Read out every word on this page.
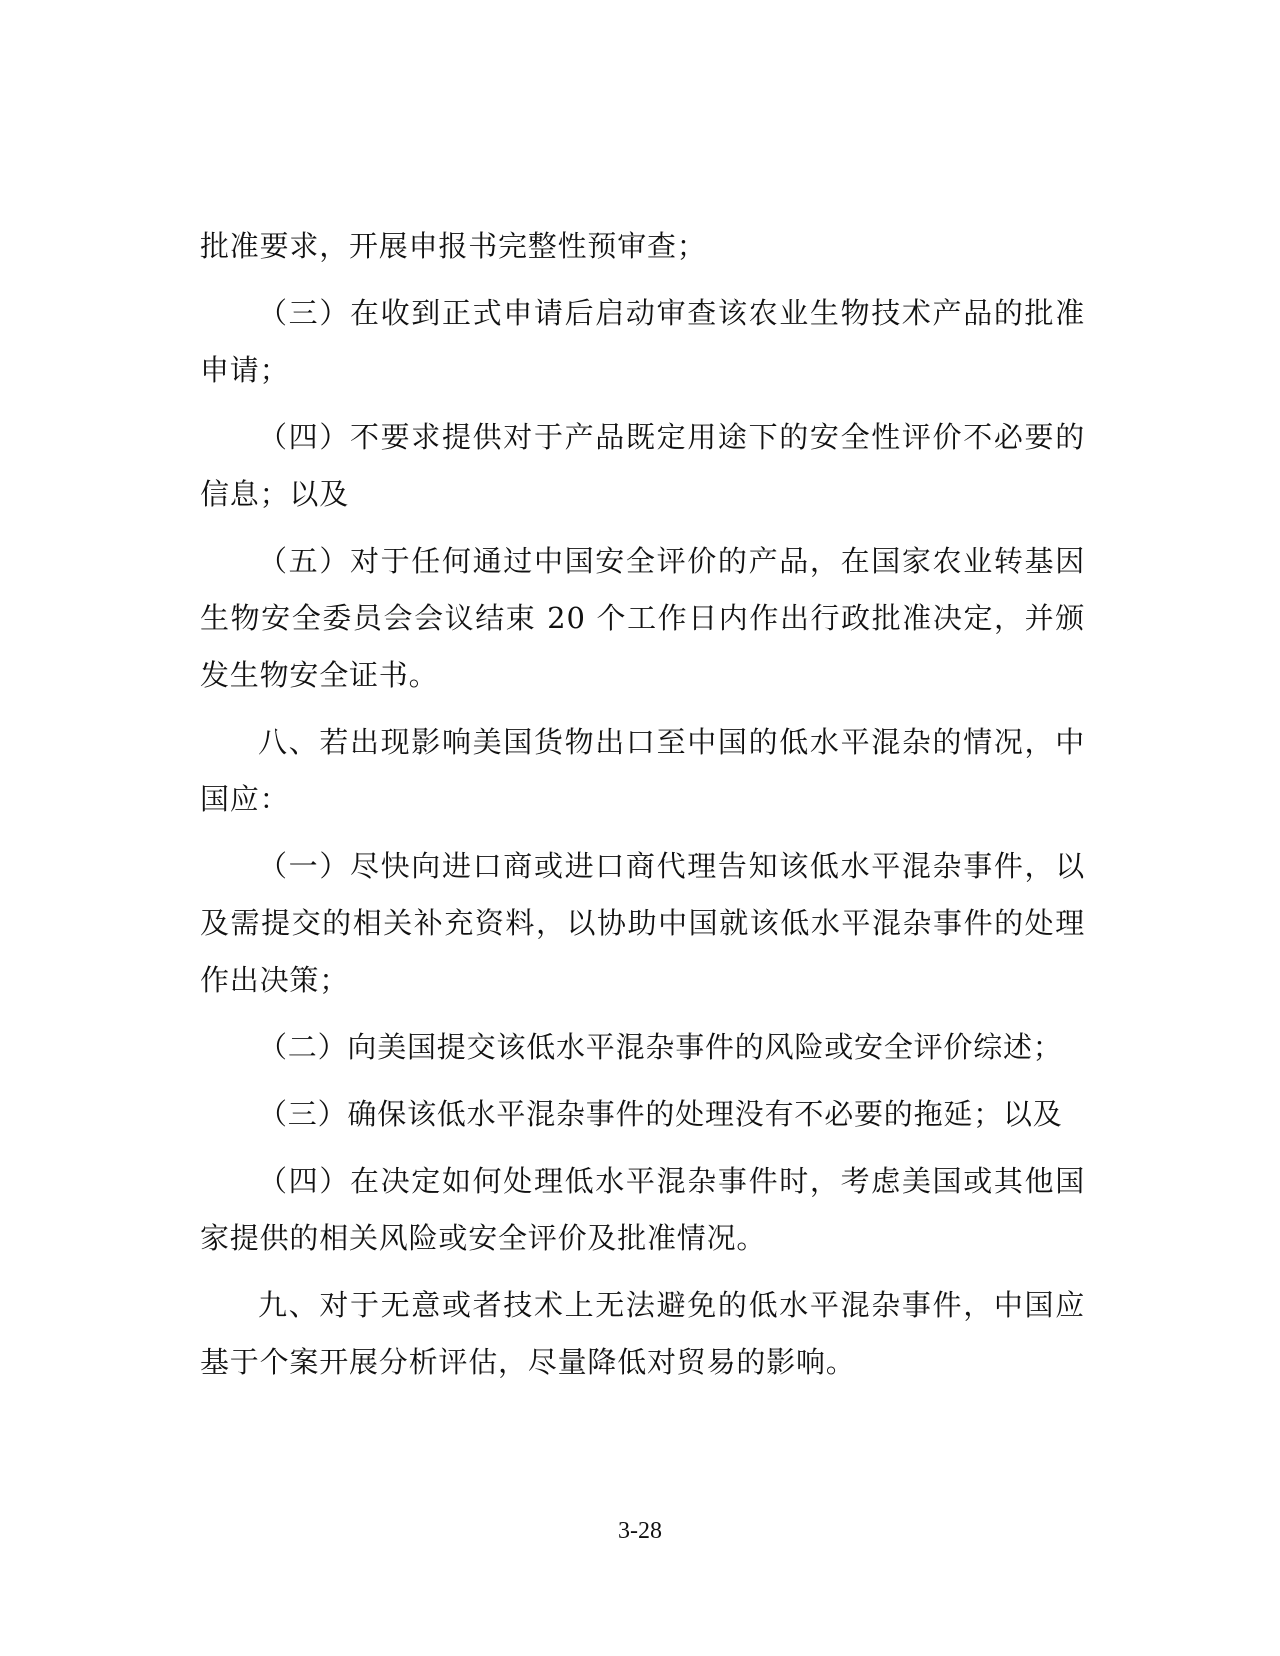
批准要求，开展申报书完整性预审查；

（三）在收到正式申请后启动审查该农业生物技术产品的批准申请；

（四）不要求提供对于产品既定用途下的安全性评价不必要的信息；以及

（五）对于任何通过中国安全评价的产品，在国家农业转基因生物安全委员会会议结束 20 个工作日内作出行政批准决定，并颁发生物安全证书。

八、若出现影响美国货物出口至中国的低水平混杂的情况，中国应：

（一）尽快向进口商或进口商代理告知该低水平混杂事件，以及需提交的相关补充资料，以协助中国就该低水平混杂事件的处理作出决策；

（二）向美国提交该低水平混杂事件的风险或安全评价综述；

（三）确保该低水平混杂事件的处理没有不必要的拖延；以及

（四）在决定如何处理低水平混杂事件时，考虑美国或其他国家提供的相关风险或安全评价及批准情况。

九、对于无意或者技术上无法避免的低水平混杂事件，中国应基于个案开展分析评估，尽量降低对贸易的影响。

3-28
